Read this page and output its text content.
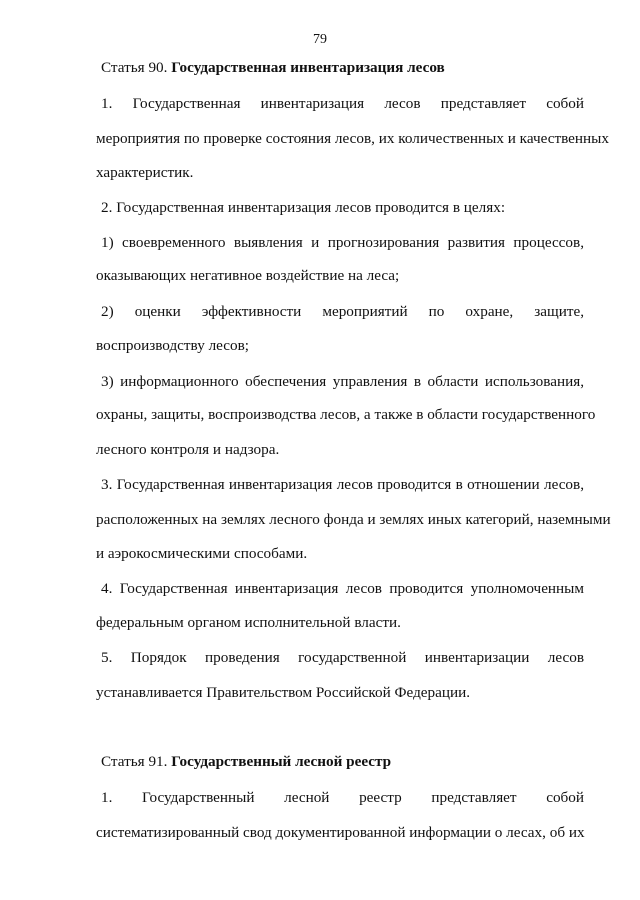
79
Статья 90. Государственная инвентаризация лесов
1. Государственная инвентаризация лесов представляет собой
мероприятия по проверке состояния лесов, их количественных и качественных
характеристик.
2. Государственная инвентаризация лесов проводится в целях:
1) своевременного выявления и прогнозирования развития процессов,
оказывающих негативное воздействие на леса;
2) оценки эффективности мероприятий по охране, защите,
воспроизводству лесов;
3) информационного обеспечения управления в области использования,
охраны, защиты, воспроизводства лесов, а также в области государственного
лесного контроля и надзора.
3. Государственная инвентаризация лесов проводится в отношении лесов,
расположенных на землях лесного фонда и землях иных категорий, наземными
и аэрокосмическими способами.
4. Государственная инвентаризация лесов проводится уполномоченным
федеральным органом исполнительной власти.
5. Порядок проведения государственной инвентаризации лесов
устанавливается Правительством Российской Федерации.
Статья 91. Государственный лесной реестр
1. Государственный лесной реестр представляет собой
систематизированный свод документированной информации о лесах, об их
